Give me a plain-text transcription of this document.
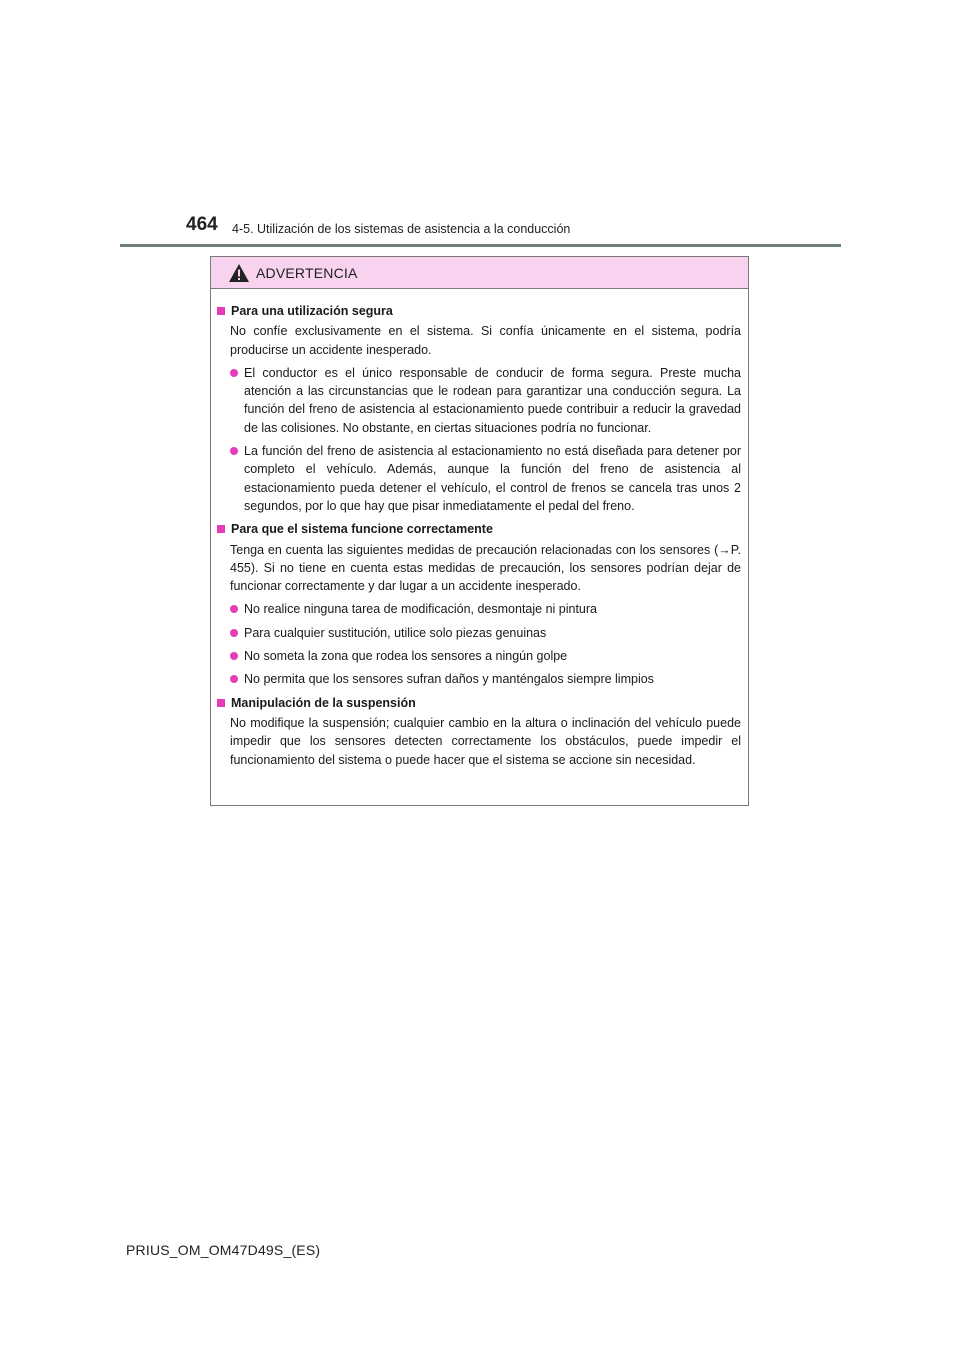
464 4-5. Utilización de los sistemas de asistencia a la conducción
ADVERTENCIA
Para una utilización segura
No confíe exclusivamente en el sistema. Si confía únicamente en el sistema, podría producirse un accidente inesperado.
El conductor es el único responsable de conducir de forma segura. Preste mucha atención a las circunstancias que le rodean para garantizar una conducción segura. La función del freno de asistencia al estacionamiento puede contribuir a reducir la gravedad de las colisiones. No obstante, en ciertas situaciones podría no funcionar.
La función del freno de asistencia al estacionamiento no está diseñada para detener por completo el vehículo. Además, aunque la función del freno de asistencia al estacionamiento pueda detener el vehículo, el control de frenos se cancela tras unos 2 segundos, por lo que hay que pisar inmediatamente el pedal del freno.
Para que el sistema funcione correctamente
Tenga en cuenta las siguientes medidas de precaución relacionadas con los sensores (→P. 455). Si no tiene en cuenta estas medidas de precaución, los sensores podrían dejar de funcionar correctamente y dar lugar a un accidente inesperado.
No realice ninguna tarea de modificación, desmontaje ni pintura
Para cualquier sustitución, utilice solo piezas genuinas
No someta la zona que rodea los sensores a ningún golpe
No permita que los sensores sufran daños y manténgalos siempre limpios
Manipulación de la suspensión
No modifique la suspensión; cualquier cambio en la altura o inclinación del vehículo puede impedir que los sensores detecten correctamente los obstáculos, puede impedir el funcionamiento del sistema o puede hacer que el sistema se accione sin necesidad.
PRIUS_OM_OM47D49S_(ES)
